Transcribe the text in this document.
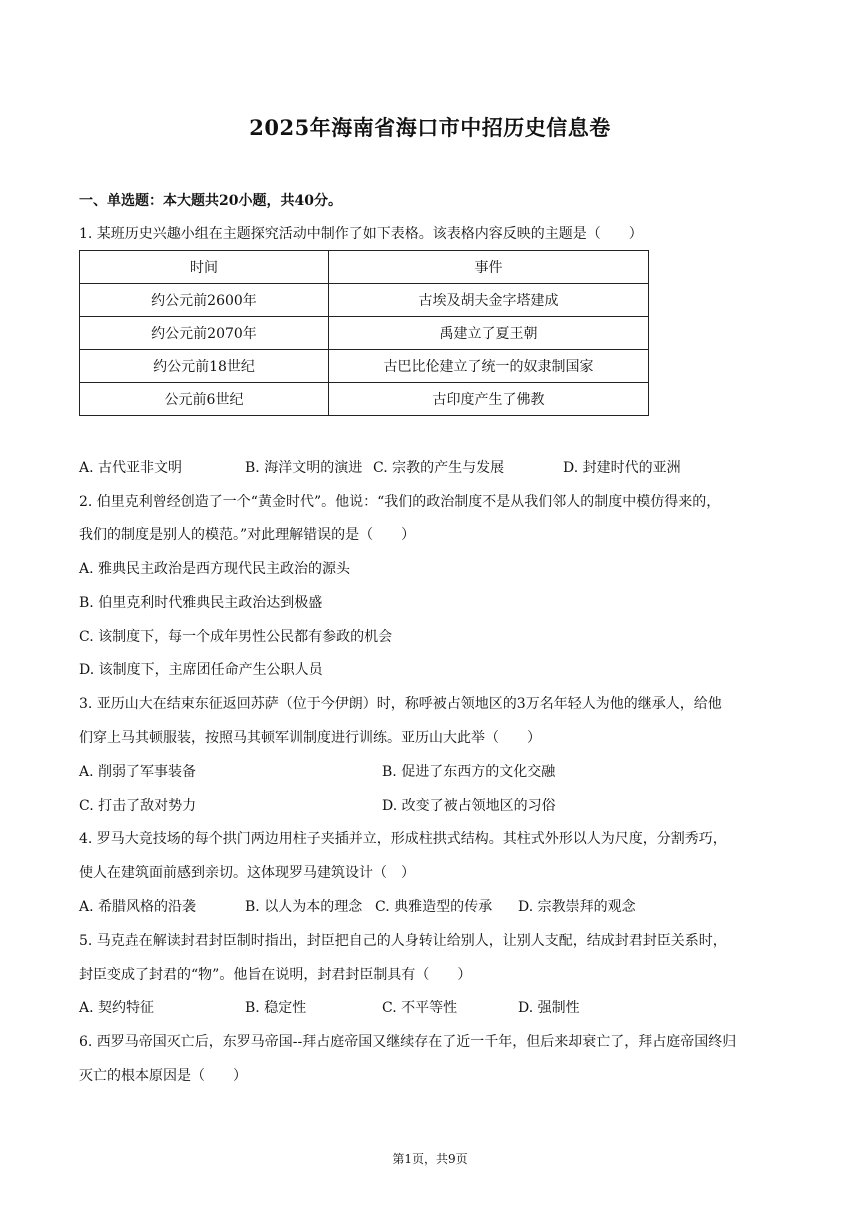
2025年海南省海口市中招历史信息卷
一、单选题：本大题共20小题，共40分。
1. 某班历史兴趣小组在主题探究活动中制作了如下表格。该表格内容反映的主题是（　　）
时间	事件
约公元前2600年	古埃及胡夫金字塔建成
约公元前2070年	禹建立了夏王朝
约公元前18世纪	古巴比伦建立了统一的奴隶制国家
公元前6世纪	古印度产生了佛教
A. 古代亚非文明	B. 海洋文明的演进 C. 宗教的产生与发展	D. 封建时代的亚洲
2. 伯里克利曾经创造了一个“黄金时代”。他说：“我们的政治制度不是从我们邻人的制度中模仿得来的，
我们的制度是别人的模范。”对此理解错误的是（　　）
A. 雅典民主政治是西方现代民主政治的源头
B. 伯里克利时代雅典民主政治达到极盛
C. 该制度下，每一个成年男性公民都有参政的机会
D. 该制度下，主席团任命产生公职人员
3. 亚历山大在结束东征返回苏萨（位于今伊朗）时，称呼被占领地区的3万名年轻人为他的继承人，给他
们穿上马其顿服装，按照马其顿军训制度进行训练。亚历山大此举（　　）
A. 削弱了军事装备	B. 促进了东西方的文化交融
C. 打击了敌对势力	D. 改变了被占领地区的习俗
4. 罗马大竞技场的每个拱门两边用柱子夹插并立，形成柱拱式结构。其柱式外形以人为尺度，分割秀巧，
使人在建筑面前感到亲切。这体现罗马建筑设计（　）
A. 希腊风格的沿袭	B. 以人为本的理念 C. 典雅造型的传承 D. 宗教崇拜的观念
5. 马克垚在解读封君封臣制时指出，封臣把自己的人身转让给别人，让别人支配，结成封君封臣关系时，
封臣变成了封君的“物”。他旨在说明，封君封臣制具有（　　）
A. 契约特征	B. 稳定性	C. 不平等性	D. 强制性
6. 西罗马帝国灭亡后，东罗马帝国--拜占庭帝国又继续存在了近一千年，但后来却衰亡了，拜占庭帝国终归
灭亡的根本原因是（　　）
第1页，共9页
